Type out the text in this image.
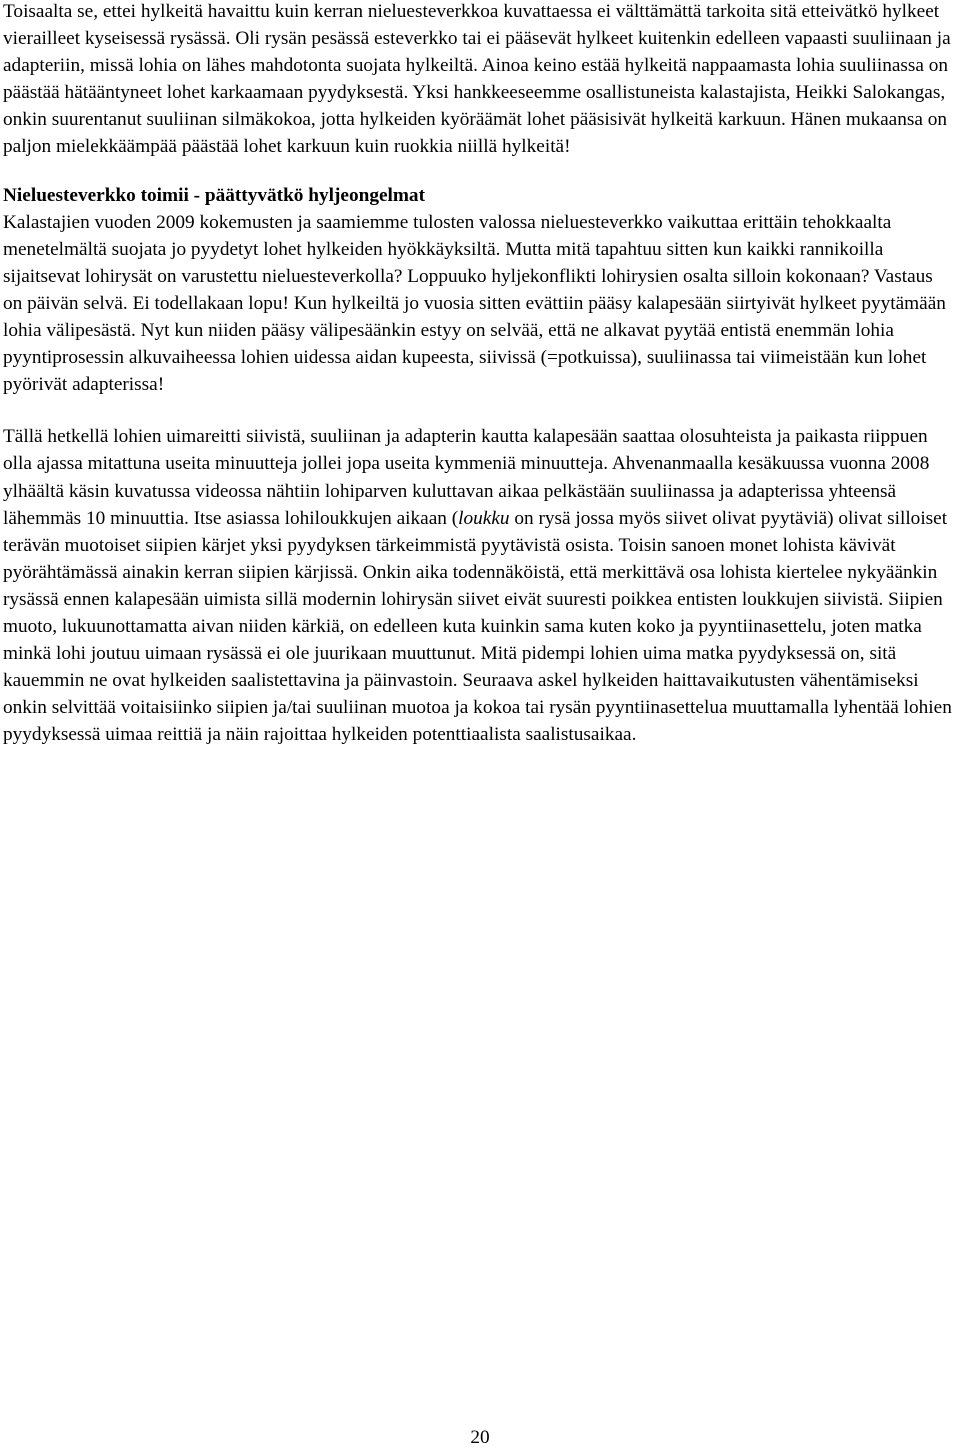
Toisaalta se, ettei hylkeitä havaittu kuin kerran nieluesteverkkoa kuvattaessa ei välttämättä tarkoita sitä etteivätkö hylkeet vierailleet kyseisessä rysässä. Oli rysän pesässä esteverkko tai ei pääsevät hylkeet kuitenkin edelleen vapaasti suuliinaan ja adapteriin, missä lohia on lähes mahdotonta suojata hylkeiltä. Ainoa keino estää hylkeitä nappaamasta lohia suuliinassa on päästää hätääntyneet lohet karkaamaan pyydyksestä. Yksi hankkeeseemme osallistuneista kalastajista, Heikki Salokangas, onkin suurentanut suuliinan silmäkokoa, jotta hylkeiden kyöräämät lohet pääsisivät hylkeitä karkuun. Hänen mukaansa on paljon mielekkäämpää päästää lohet karkuun kuin ruokkia niillä hylkeitä!

Nieluesteverkko toimii - päättyvätkö hyljeongelmat

Kalastajien vuoden 2009 kokemusten ja saamiemme tulosten valossa nieluesteverkko vaikuttaa erittäin tehokkaalta menetelmältä suojata jo pyydetyt lohet hylkeiden hyökkäyksiltä. Mutta mitä tapahtuu sitten kun kaikki rannikoilla sijaitsevat lohirysät on varustettu nieluesteverkolla? Loppuuko hyljekonflikti lohirysien osalta silloin kokonaan? Vastaus on päivän selvä. Ei todellakaan lopu! Kun hylkeiltä jo vuosia sitten evättiin pääsy kalapesään siirtyivät hylkeet pyytämään lohia välipesästä. Nyt kun niiden pääsy välipesäänkin estyy on selvää, että ne alkavat pyytää entistä enemmän lohia pyyntiprosessin alkuvaiheessa lohien uidessa aidan kupeesta, siivissä (=potkuissa), suuliinassa tai viimeistään kun lohet pyörivät adapterissa!

Tällä hetkellä lohien uimareitti siivistä, suuliinan ja adapterin kautta kalapesään saattaa olosuhteista ja paikasta riippuen olla ajassa mitattuna useita minuutteja jollei jopa useita kymmeniä minuutteja. Ahvenanmaalla kesäkuussa vuonna 2008 ylhäältä käsin kuvatussa videossa nähtiin lohiparven kuluttavan aikaa pelkästään suuliinassa ja adapterissa yhteensä lähemmäs 10 minuuttia. Itse asiassa lohiloukkujen aikaan (loukku on rysä jossa myös siivet olivat pyytäviä) olivat silloiset terävän muotoiset siipien kärjet yksi pyydyksen tärkeimmistä pyytävistä osista. Toisin sanoen monet lohista kävivät pyörähtämässä ainakin kerran siipien kärjissä. Onkin aika todennäköistä, että merkittävä osa lohista kiertelee nykyäänkin rysässä ennen kalapesään uimista sillä modernin lohirysän siivet eivät suuresti poikkea entisten loukkujen siivistä. Siipien muoto, lukuunottamatta aivan niiden kärkiä, on edelleen kuta kuinkin sama kuten koko ja pyyntiinasettelu, joten matka minkä lohi joutuu uimaan rysässä ei ole juurikaan muuttunut. Mitä pidempi lohien uima matka pyydyksessä on, sitä kauemmin ne ovat hylkeiden saalistettavina ja päinvastoin. Seuraava askel hylkeiden haittavaikutusten vähentämiseksi onkin selvittää voitaisiinko siipien ja/tai suuliinan muotoa ja kokoa tai rysän pyyntiinasettelua muuttamalla lyhentää lohien pyydyksessä uimaa reittiä ja näin rajoittaa hylkeiden potenttiaalista saalistusaikaa.

20
